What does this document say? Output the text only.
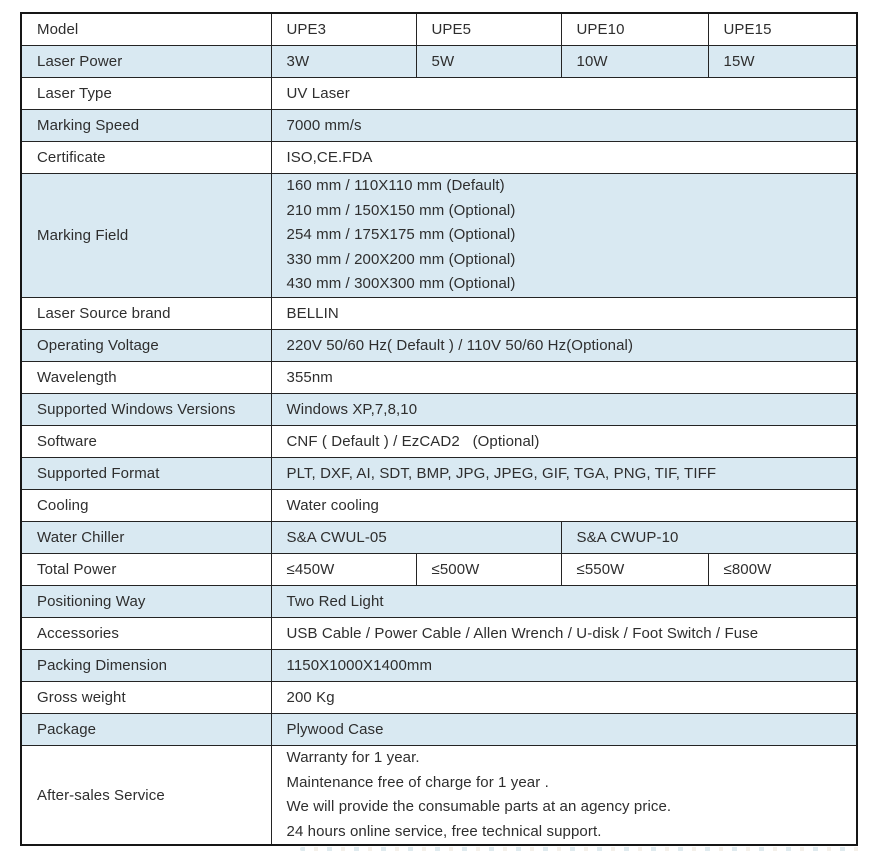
Model	UPE3	UPE5	UPE10	UPE15
Laser Power	3W	5W	10W	15W
Laser Type	UV Laser			
Marking Speed	7000 mm/s			
Certificate	ISO,CE.FDA			
Marking Field	160 mm / 110X110 mm (Default)
210 mm / 150X150 mm (Optional)
254 mm / 175X175 mm (Optional)
330 mm / 200X200 mm (Optional)
430 mm / 300X300 mm (Optional)			

Laser Source brand	BELLIN			
Operating Voltage	220V 50/60 Hz( Default ) / 110V 50/60 Hz(Optional)			
Wavelength	355nm			
Supported Windows Versions	Windows XP,7,8,10			
Software	CNF ( Default ) / EzCAD2   (Optional)			
Supported Format	PLT, DXF, AI, SDT, BMP, JPG, JPEG, GIF, TGA, PNG, TIF, TIFF			
Cooling	Water cooling			
Water Chiller	S&A CWUL-05		S&A CWUP-10	
Total Power	≤450W	≤500W	≤550W	≤800W
Positioning Way	Two Red Light			
Accessories	USB Cable / Power Cable / Allen Wrench / U-disk / Foot Switch / Fuse			
Packing Dimension	1150X1000X1400mm			
Gross weight	200 Kg			
Package	Plywood Case			
After-sales Service	Warranty for 1 year.
Maintenance free of charge for 1 year .
We will provide the consumable parts at an agency price.
24 hours online service, free technical support.			
